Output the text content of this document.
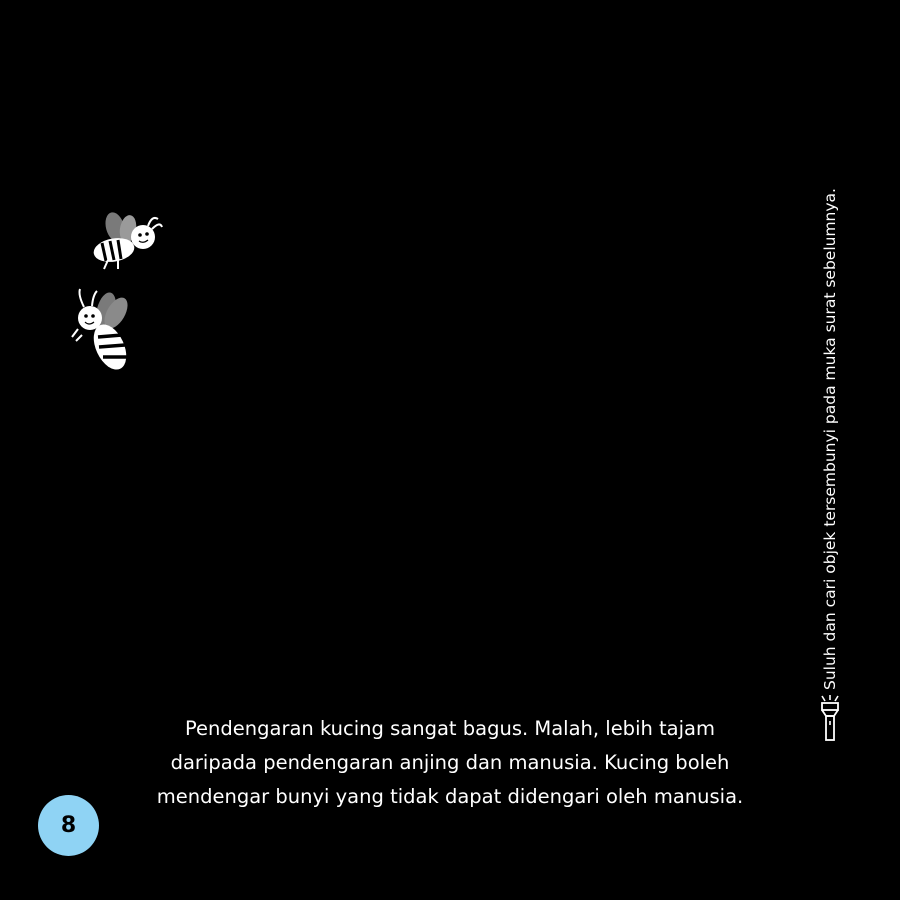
Pendengaran kucing sangat bagus. Malah, lebih tajam
daripada pendengaran anjing dan manusia. Kucing boleh
mendengar bunyi yang tidak dapat didengari oleh manusia.
Suluh dan cari objek tersembunyi pada muka surat sebelumnya.
8
